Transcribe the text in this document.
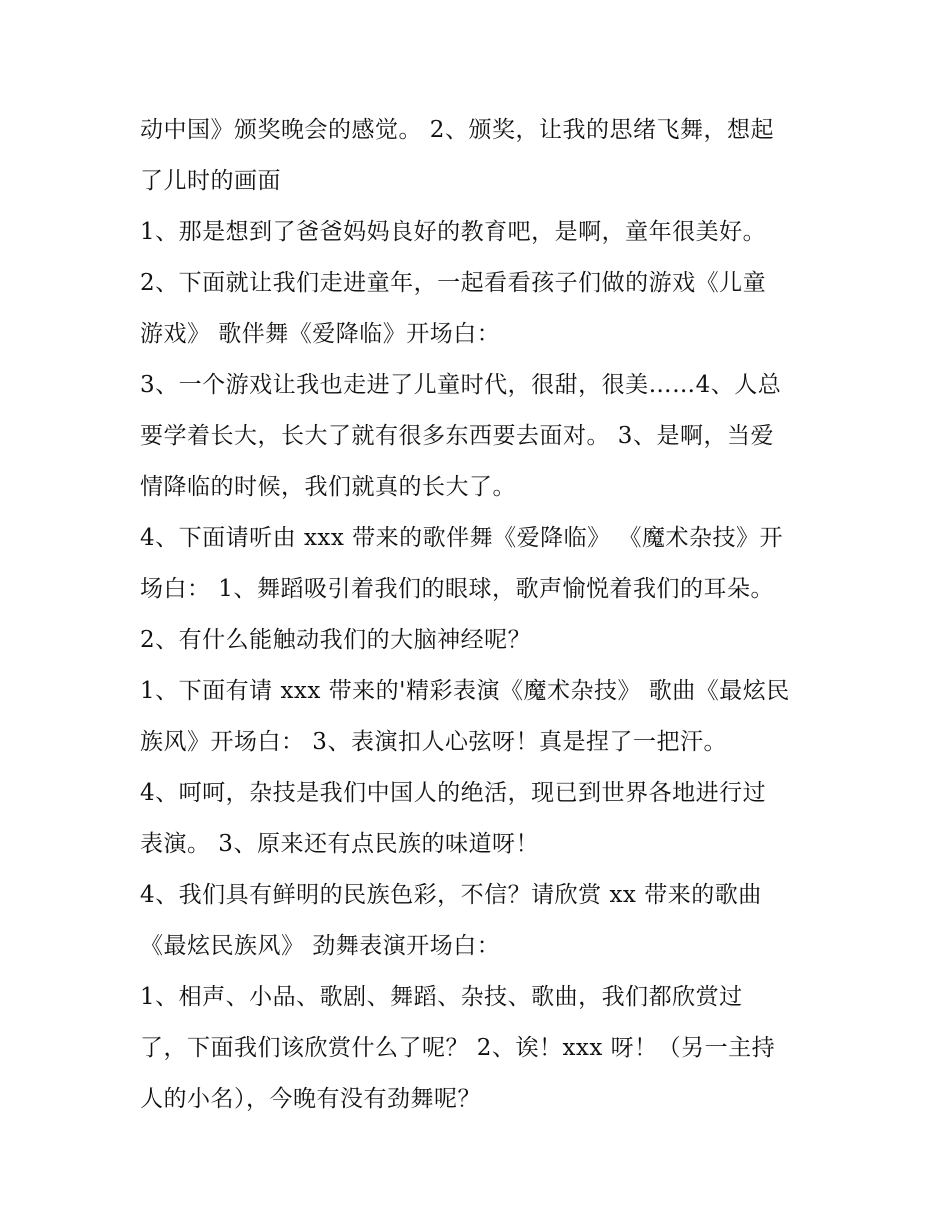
动中国》颁奖晚会的感觉。 2、颁奖，让我的思绪飞舞，想起
了儿时的画面
1、那是想到了爸爸妈妈良好的教育吧，是啊，童年很美好。
2、下面就让我们走进童年，一起看看孩子们做的游戏《儿童
游戏》 歌伴舞《爱降临》开场白：
3、一个游戏让我也走进了儿童时代，很甜，很美……4、人总
要学着长大，长大了就有很多东西要去面对。 3、是啊，当爱
情降临的时候，我们就真的长大了。
4、下面请听由 xxx 带来的歌伴舞《爱降临》 《魔术杂技》开
场白： 1、舞蹈吸引着我们的眼球，歌声愉悦着我们的耳朵。
2、有什么能触动我们的大脑神经呢？
1、下面有请 xxx 带来的'精彩表演《魔术杂技》 歌曲《最炫民
族风》开场白： 3、表演扣人心弦呀！真是捏了一把汗。
4、呵呵，杂技是我们中国人的绝活，现已到世界各地进行过
表演。 3、原来还有点民族的味道呀！
4、我们具有鲜明的民族色彩，不信？请欣赏 xx 带来的歌曲
《最炫民族风》 劲舞表演开场白：
1、相声、小品、歌剧、舞蹈、杂技、歌曲，我们都欣赏过
了，下面我们该欣赏什么了呢？ 2、诶！xxx 呀！（另一主持
人的小名），今晚有没有劲舞呢？
